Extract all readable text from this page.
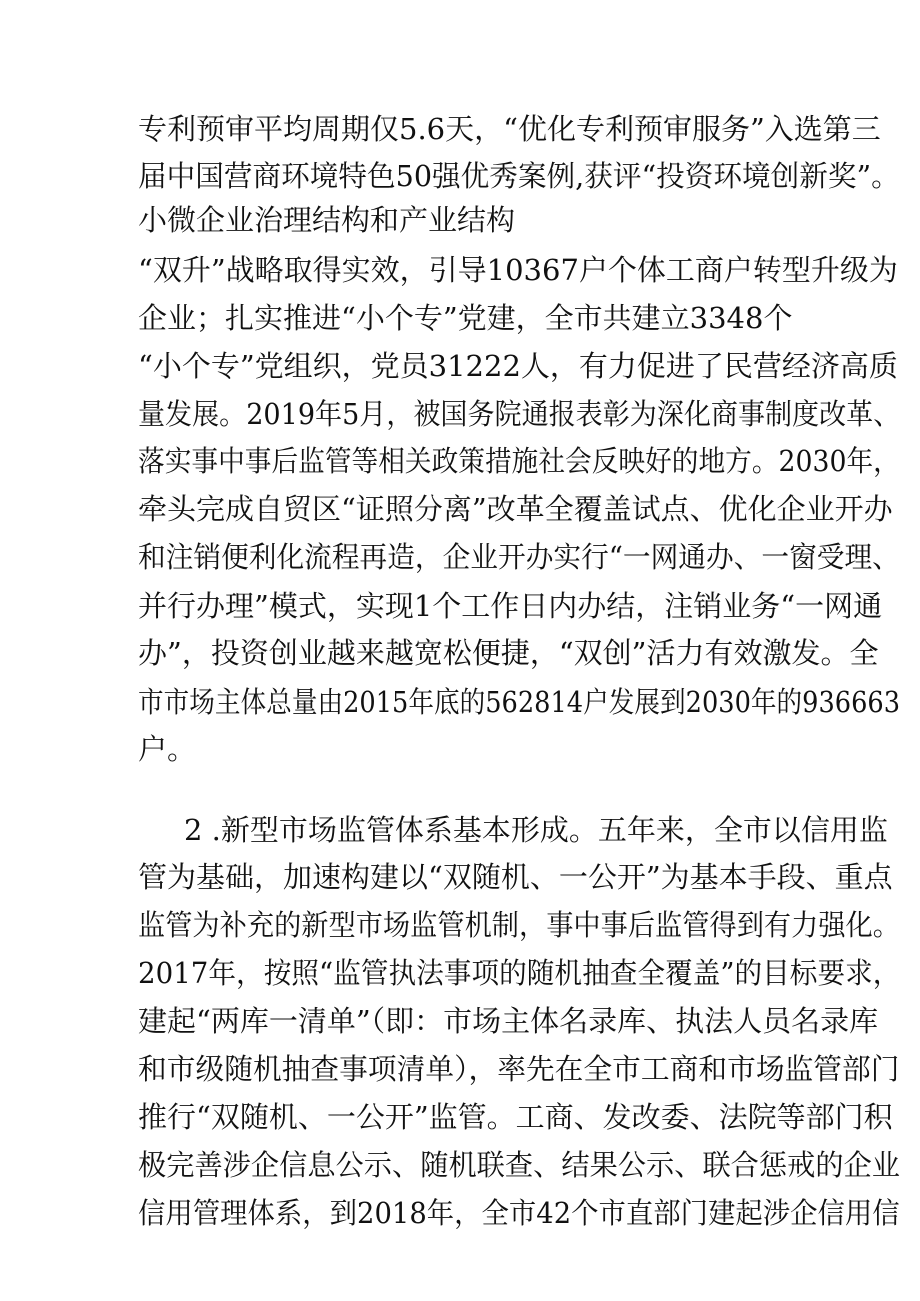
专利预审平均周期仅5.6天，“优化专利预审服务”入选第三
届中国营商环境特色50强优秀案例,获评“投资环境创新奖”。
小微企业治理结构和产业结构
“双升”战略取得实效，引导10367户个体工商户转型升级为
企业；扎实推进“小个专”党建，全市共建立3348个
“小个专”党组织，党员31222人，有力促进了民营经济高质
量发展。2019年5月，被国务院通报表彰为深化商事制度改革、
落实事中事后监管等相关政策措施社会反映好的地方。2030年，
牵头完成自贸区“证照分离”改革全覆盖试点、优化企业开办
和注销便利化流程再造，企业开办实行“一网通办、一窗受理、
并行办理”模式，实现1个工作日内办结，注销业务“一网通
办”，投资创业越来越宽松便捷，“双创”活力有效激发。全
市市场主体总量由2015年底的562814户发展到2030年的936663
户。
2 .新型市场监管体系基本形成。五年来，全市以信用监
管为基础，加速构建以“双随机、一公开”为基本手段、重点
监管为补充的新型市场监管机制，事中事后监管得到有力强化。
2017年，按照“监管执法事项的随机抽查全覆盖”的目标要求，
建起“两库一清单”（即：市场主体名录库、执法人员名录库
和市级随机抽查事项清单），率先在全市工商和市场监管部门
推行“双随机、一公开”监管。工商、发改委、法院等部门积
极完善涉企信息公示、随机联查、结果公示、联合惩戒的企业
信用管理体系，到2018年，全市42个市直部门建起涉企信用信
